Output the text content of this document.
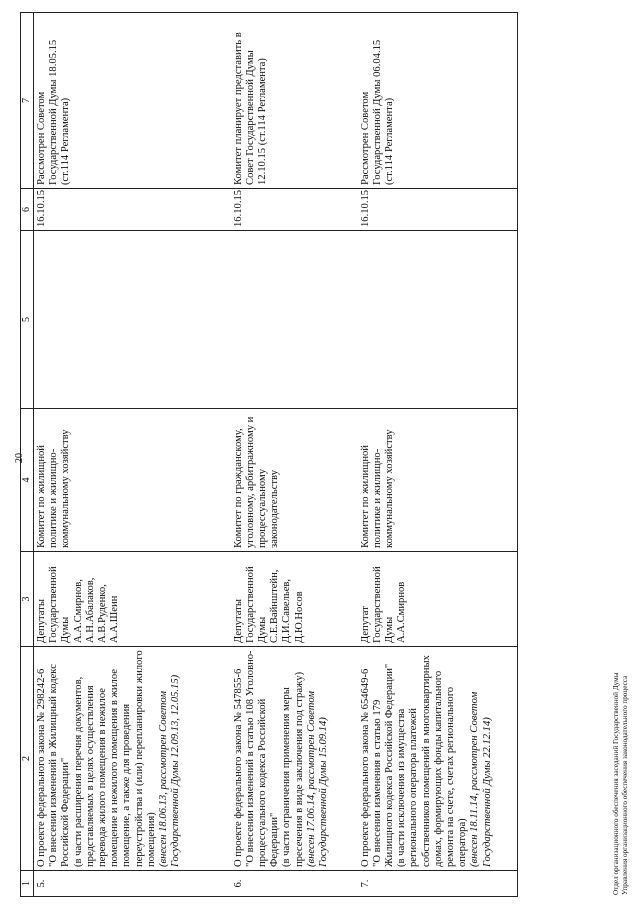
20
1	2	3	4	5	6	7
5.	О проекте федерального закона № 298242-6 "О внесении изменений в Жилищный кодекс Российской Федерации" (в части расширения перечня документов, представляемых в целях осуществления перевода жилого помещения в нежилое помещение и нежилого помещения в жилое помещение, а также для проведения переустройства и (или) перепланировки жилого помещения) (внесен 18.06.13, рассмотрен Советом Государственной Думы 12.09.13, 12.05.15)	Депутаты Государственной Думы А.А.Смирнов, А.Н.Абалаков, А.В.Руденко, А.А.Шеин	Комитет по жилищной политике и жилищно-коммунальному хозяйству		16.10.15	Рассмотрен Советом Государственной Думы 18.05.15 (ст.114 Регламента)
6.	О проекте федерального закона № 547855-6 "О внесении изменений в статью 108 Уголовно-процессуального кодекса Российской Федерации" (в части ограничения применения меры пресечения в виде заключения под стражу) (внесен 17.06.14, рассмотрен Советом Государственной Думы 15.09.14)	Депутаты Государственной Думы С.Е.Вайнштейн, Д.И.Савельев, Д.Ю.Носов	Комитет по гражданскому, уголовному, арбитражному и процессуальному законодательству		16.10.15	Комитет планирует представить в Совет Государственной Думы 12.10.15 (ст.114 Регламента)
7.	О проекте федерального закона № 654649-6 "О внесении изменения в статью 179 Жилищного кодекса Российской Федерации" (в части исключения из имущества регионального оператора платежей собственников помещений в многоквартирных домах, формирующих фонды капитального ремонта на счете, счетах регионального оператора) (внесен 18.11.14, рассмотрен Советом Государственной Думы 22.12.14)	Депутат Государственной Думы А.А.Смирнов	Комитет по жилищной политике и жилищно-коммунальному хозяйству		16.10.15	Рассмотрен Советом Государственной Думы 06.04.15 (ст.114 Регламента)
Отдел организационного обеспечения заседаний Государственной Думы Управления организационного обеспечения законодательного процесса
